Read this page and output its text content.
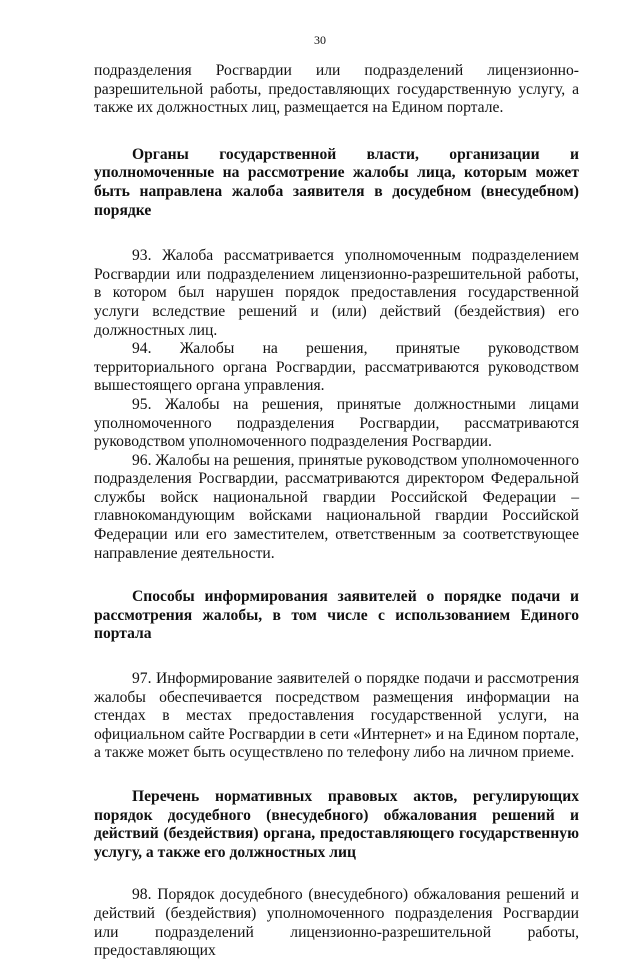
30

подразделения Росгвардии или подразделений лицензионно-разрешительной работы, предоставляющих государственную услугу, а также их должностных лиц, размещается на Едином портале.

Органы государственной власти, организации и уполномоченные на рассмотрение жалобы лица, которым может быть направлена жалоба заявителя в досудебном (внесудебном) порядке

93. Жалоба рассматривается уполномоченным подразделением Росгвардии или подразделением лицензионно-разрешительной работы, в котором был нарушен порядок предоставления государственной услуги вследствие решений и (или) действий (бездействия) его должностных лиц.

94. Жалобы на решения, принятые руководством территориального органа Росгвардии, рассматриваются руководством вышестоящего органа управления.

95. Жалобы на решения, принятые должностными лицами уполномоченного подразделения Росгвардии, рассматриваются руководством уполномоченного подразделения Росгвардии.

96. Жалобы на решения, принятые руководством уполномоченного подразделения Росгвардии, рассматриваются директором Федеральной службы войск национальной гвардии Российской Федерации – главнокомандующим войсками национальной гвардии Российской Федерации или его заместителем, ответственным за соответствующее направление деятельности.

Способы информирования заявителей о порядке подачи и рассмотрения жалобы, в том числе с использованием Единого портала

97. Информирование заявителей о порядке подачи и рассмотрения жалобы обеспечивается посредством размещения информации на стендах в местах предоставления государственной услуги, на официальном сайте Росгвардии в сети «Интернет» и на Едином портале, а также может быть осуществлено по телефону либо на личном приеме.

Перечень нормативных правовых актов, регулирующих порядок досудебного (внесудебного) обжалования решений и действий (бездействия) органа, предоставляющего государственную услугу, а также его должностных лиц

98. Порядок досудебного (внесудебного) обжалования решений и действий (бездействия) уполномоченного подразделения Росгвардии или подразделений лицензионно-разрешительной работы, предоставляющих
